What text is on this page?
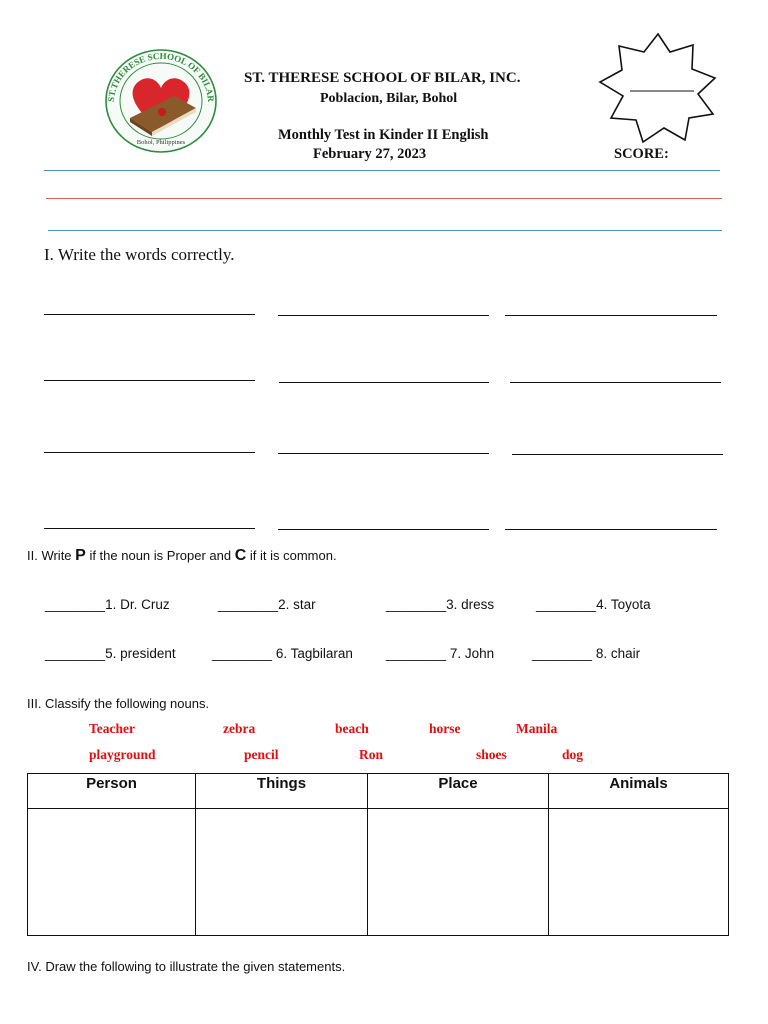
ST.THERESE SCHOOL OF BILAR
Bohol, Philippines
ST. THERESE SCHOOL OF BILAR, INC.
Poblacion, Bilar, Bohol
Monthly Test in Kinder II English
February 27, 2023	SCORE:
I. Write the words correctly.
II. Write P if the noun is Proper and C if it is common.
________1. Dr. Cruz	________2. star	________3. dress	________4. Toyota
________5. president	________ 6. Tagbilaran ________ 7. John	________ 8. chair
III. Classify the following nouns.
Teacher	zebra	beach	horse	Manila
playground	pencil	Ron	shoes	dog
Person	Things	Place	Animals
IV. Draw the following to illustrate the given statements.
